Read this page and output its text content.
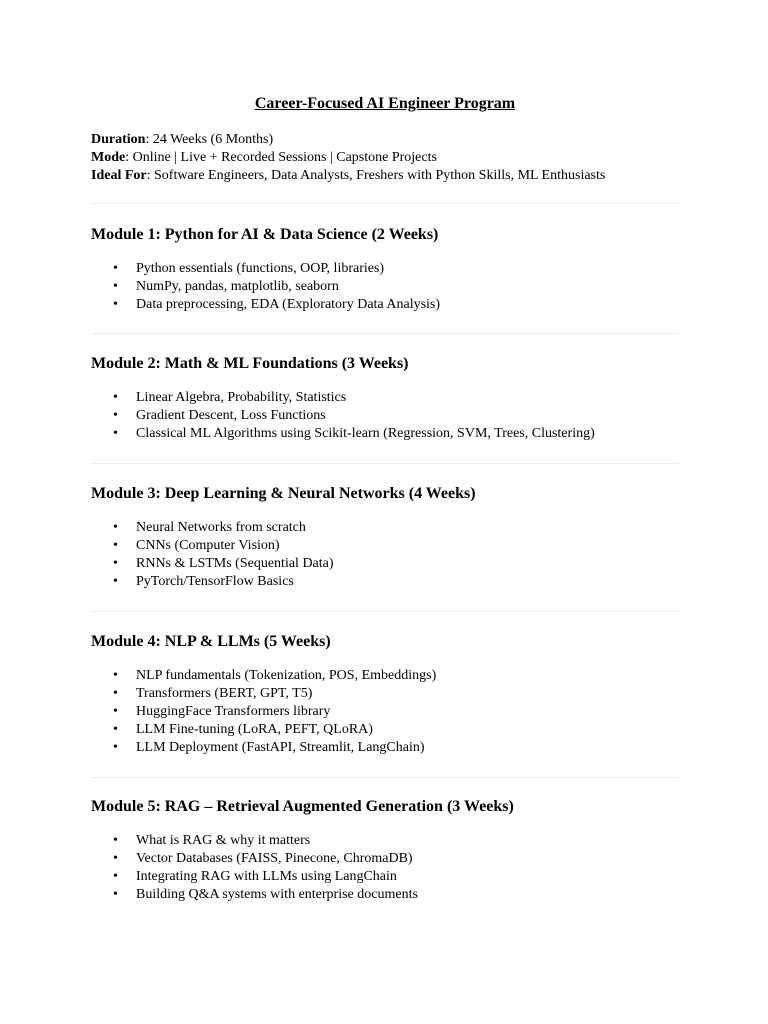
Career-Focused AI Engineer Program
Duration: 24 Weeks (6 Months)
Mode: Online | Live + Recorded Sessions | Capstone Projects
Ideal For: Software Engineers, Data Analysts, Freshers with Python Skills, ML Enthusiasts
Module 1: Python for AI & Data Science (2 Weeks)
• Python essentials (functions, OOP, libraries)
• NumPy, pandas, matplotlib, seaborn
• Data preprocessing, EDA (Exploratory Data Analysis)
Module 2: Math & ML Foundations (3 Weeks)
• Linear Algebra, Probability, Statistics
• Gradient Descent, Loss Functions
• Classical ML Algorithms using Scikit-learn (Regression, SVM, Trees, Clustering)
Module 3: Deep Learning & Neural Networks (4 Weeks)
• Neural Networks from scratch
• CNNs (Computer Vision)
• RNNs & LSTMs (Sequential Data)
• PyTorch/TensorFlow Basics
Module 4: NLP & LLMs (5 Weeks)
• NLP fundamentals (Tokenization, POS, Embeddings)
• Transformers (BERT, GPT, T5)
• HuggingFace Transformers library
• LLM Fine-tuning (LoRA, PEFT, QLoRA)
• LLM Deployment (FastAPI, Streamlit, LangChain)
Module 5: RAG – Retrieval Augmented Generation (3 Weeks)
• What is RAG & why it matters
• Vector Databases (FAISS, Pinecone, ChromaDB)
• Integrating RAG with LLMs using LangChain
• Building Q&A systems with enterprise documents
